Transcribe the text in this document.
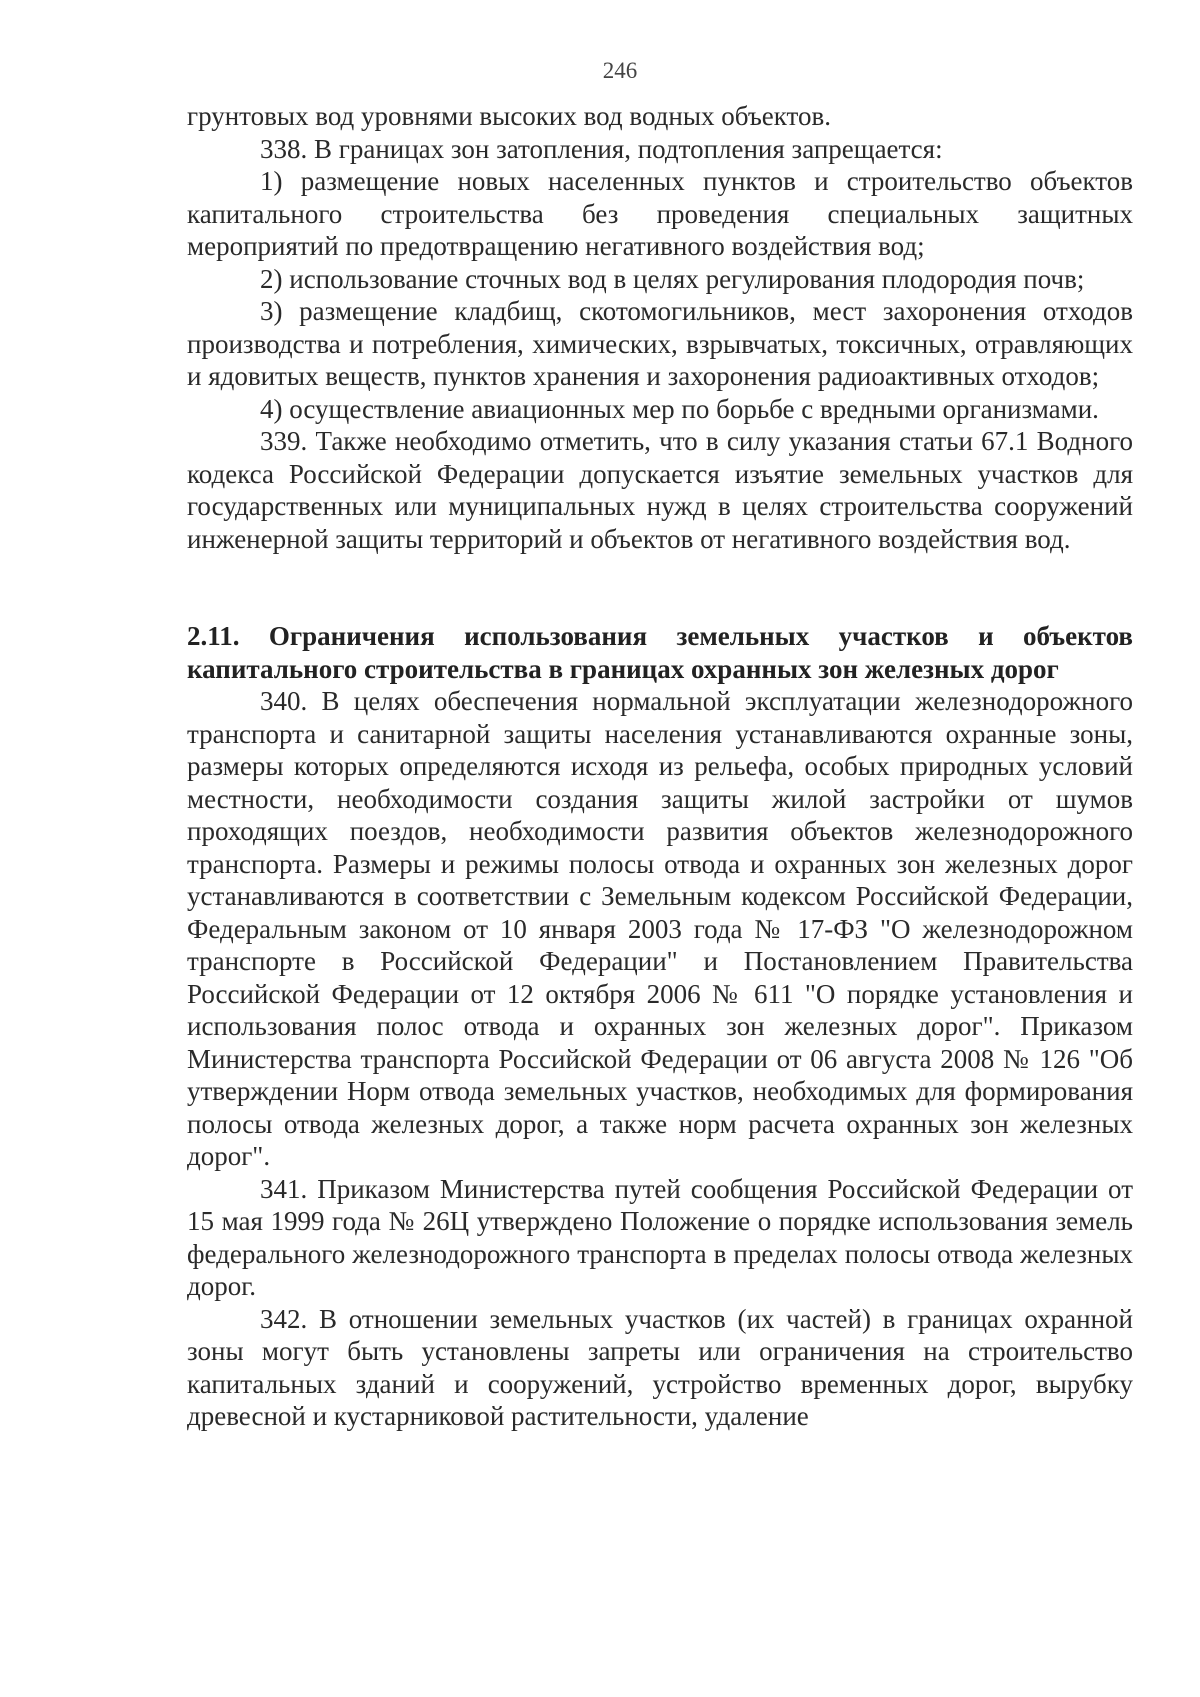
246

грунтовых вод уровнями высоких вод водных объектов.

338. В границах зон затопления, подтопления запрещается:

1) размещение новых населенных пунктов и строительство объектов капитального строительства без проведения специальных защитных мероприятий по предотвращению негативного воздействия вод;

2) использование сточных вод в целях регулирования плодородия почв;

3) размещение кладбищ, скотомогильников, мест захоронения отходов производства и потребления, химических, взрывчатых, токсичных, отравляющих и ядовитых веществ, пунктов хранения и захоронения радиоактивных отходов;

4) осуществление авиационных мер по борьбе с вредными организмами.

339. Также необходимо отметить, что в силу указания статьи 67.1 Водного кодекса Российской Федерации допускается изъятие земельных участков для государственных или муниципальных нужд в целях строительства сооружений инженерной защиты территорий и объектов от негативного воздействия вод.

2.11. Ограничения использования земельных участков и объектов капитального строительства в границах охранных зон железных дорог

340. В целях обеспечения нормальной эксплуатации железнодорожного транспорта и санитарной защиты населения устанавливаются охранные зоны, размеры которых определяются исходя из рельефа, особых природных условий местности, необходимости создания защиты жилой застройки от шумов проходящих поездов, необходимости развития объектов железнодорожного транспорта. Размеры и режимы полосы отвода и охранных зон железных дорог устанавливаются в соответствии с Земельным кодексом Российской Федерации, Федеральным законом от 10 января 2003 года № 17-ФЗ "О железнодорожном транспорте в Российской Федерации" и Постановлением Правительства Российской Федерации от 12 октября 2006 № 611 "О порядке установления и использования полос отвода и охранных зон железных дорог". Приказом Министерства транспорта Российской Федерации от 06 августа 2008 № 126 "Об утверждении Норм отвода земельных участков, необходимых для формирования полосы отвода железных дорог, а также норм расчета охранных зон железных дорог".

341. Приказом Министерства путей сообщения Российской Федерации от 15 мая 1999 года № 26Ц утверждено Положение о порядке использования земель федерального железнодорожного транспорта в пределах полосы отвода железных дорог.

342. В отношении земельных участков (их частей) в границах охранной зоны могут быть установлены запреты или ограничения на строительство капитальных зданий и сооружений, устройство временных дорог, вырубку древесной и кустарниковой растительности, удаление
